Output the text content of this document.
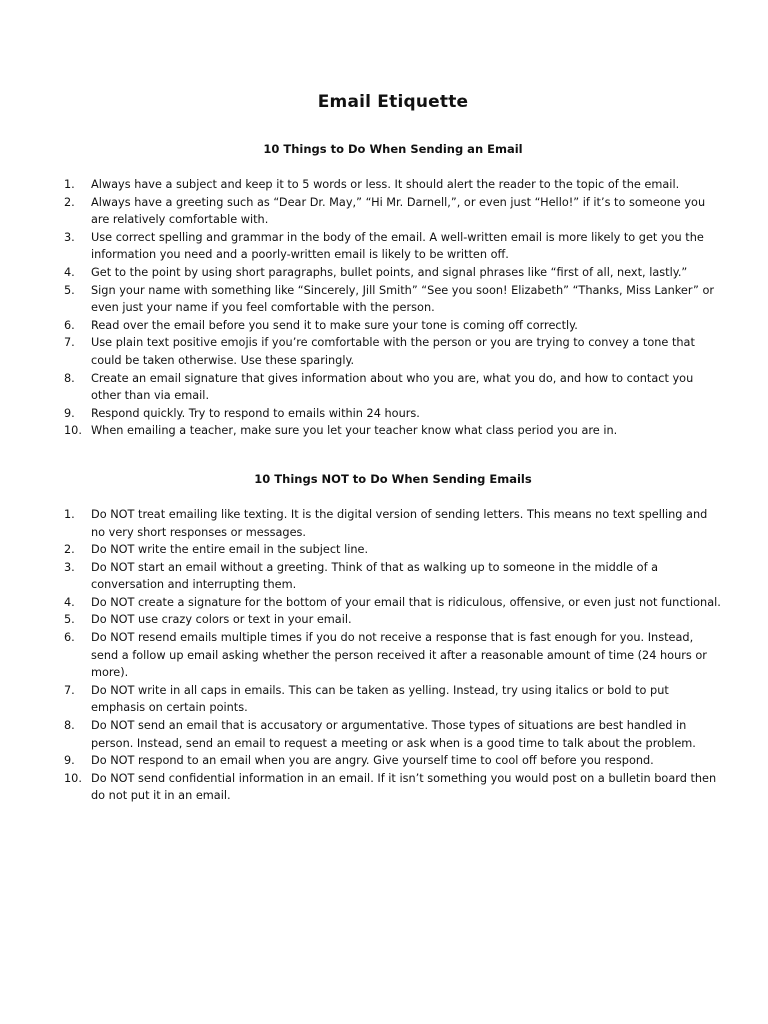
Email Etiquette
10 Things to Do When Sending an Email
1.	Always have a subject and keep it to 5 words or less. It should alert the reader to the topic of the email.
2.	Always have a greeting such as “Dear Dr. May,” “Hi Mr. Darnell,”, or even just “Hello!” if it’s to someone you are relatively comfortable with.
3.	Use correct spelling and grammar in the body of the email. A well-written email is more likely to get you the information you need and a poorly-written email is likely to be written off.
4.	Get to the point by using short paragraphs, bullet points, and signal phrases like “first of all, next, lastly.”
5.	Sign your name with something like “Sincerely, Jill Smith” “See you soon! Elizabeth” “Thanks, Miss Lanker” or even just your name if you feel comfortable with the person.
6.	Read over the email before you send it to make sure your tone is coming off correctly.
7.	Use plain text positive emojis if you’re comfortable with the person or you are trying to convey a tone that could be taken otherwise. Use these sparingly.
8.	Create an email signature that gives information about who you are, what you do, and how to contact you other than via email.
9.	Respond quickly. Try to respond to emails within 24 hours.
10. When emailing a teacher, make sure you let your teacher know what class period you are in.
10 Things NOT to Do When Sending Emails
1.	Do NOT treat emailing like texting. It is the digital version of sending letters. This means no text spelling and no very short responses or messages.
2.	Do NOT write the entire email in the subject line.
3.	Do NOT start an email without a greeting. Think of that as walking up to someone in the middle of a conversation and interrupting them.
4.	Do NOT create a signature for the bottom of your email that is ridiculous, offensive, or even just not functional.
5.	Do NOT use crazy colors or text in your email.
6.	Do NOT resend emails multiple times if you do not receive a response that is fast enough for you. Instead, send a follow up email asking whether the person received it after a reasonable amount of time (24 hours or more).
7.	Do NOT write in all caps in emails. This can be taken as yelling. Instead, try using italics or bold to put emphasis on certain points.
8.	Do NOT send an email that is accusatory or argumentative. Those types of situations are best handled in person. Instead, send an email to request a meeting or ask when is a good time to talk about the problem.
9.	Do NOT respond to an email when you are angry. Give yourself time to cool off before you respond.
10. Do NOT send confidential information in an email. If it isn’t something you would post on a bulletin board then do not put it in an email.
